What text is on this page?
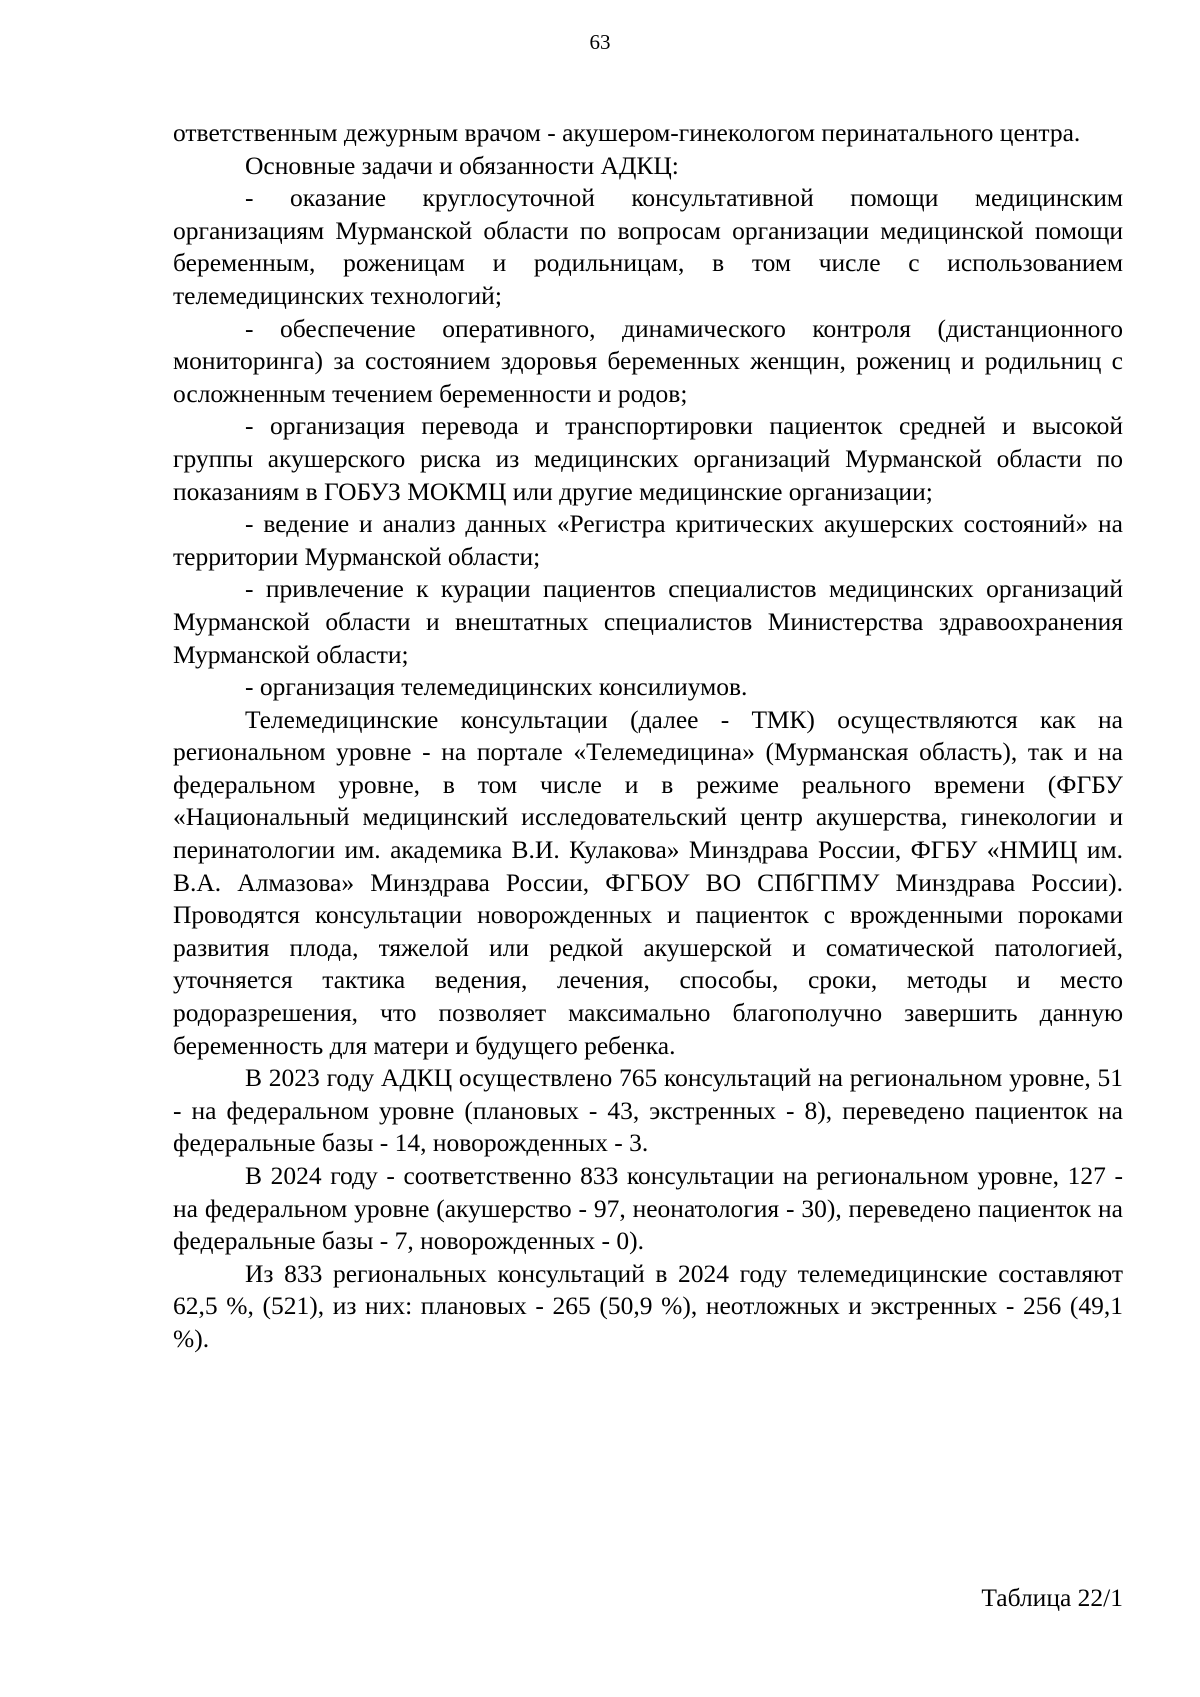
63

ответственным дежурным врачом - акушером-гинекологом перинатального центра.

Основные задачи и обязанности АДКЦ:

- оказание круглосуточной консультативной помощи медицинским организациям Мурманской области по вопросам организации медицинской помощи беременным, роженицам и родильницам, в том числе с использованием телемедицинских технологий;

- обеспечение оперативного, динамического контроля (дистанционного мониторинга) за состоянием здоровья беременных женщин, рожениц и родильниц с осложненным течением беременности и родов;

- организация перевода и транспортировки пациенток средней и высокой группы акушерского риска из медицинских организаций Мурманской области по показаниям в ГОБУЗ МОКМЦ или другие медицинские организации;

- ведение и анализ данных «Регистра критических акушерских состояний» на территории Мурманской области;

- привлечение к курации пациентов специалистов медицинских организаций Мурманской области и внештатных специалистов Министерства здравоохранения Мурманской области;

- организация телемедицинских консилиумов.

Телемедицинские консультации (далее - ТМК) осуществляются как на региональном уровне - на портале «Телемедицина» (Мурманская область), так и на федеральном уровне, в том числе и в режиме реального времени (ФГБУ «Национальный медицинский исследовательский центр акушерства, гинекологии и перинатологии им. академика В.И. Кулакова» Минздрава России, ФГБУ «НМИЦ им. В.А. Алмазова» Минздрава России, ФГБОУ ВО СПбГПМУ Минздрава России). Проводятся консультации новорожденных и пациенток с врожденными пороками развития плода, тяжелой или редкой акушерской и соматической патологией, уточняется тактика ведения, лечения, способы, сроки, методы и место родоразрешения, что позволяет максимально благополучно завершить данную беременность для матери и будущего ребенка.

В 2023 году АДКЦ осуществлено 765 консультаций на региональном уровне, 51 - на федеральном уровне (плановых - 43, экстренных - 8), переведено пациенток на федеральные базы - 14, новорожденных - 3.

В 2024 году - соответственно 833 консультации на региональном уровне, 127 - на федеральном уровне (акушерство - 97, неонатология - 30), переведено пациенток на федеральные базы - 7, новорожденных - 0).

Из 833 региональных консультаций в 2024 году телемедицинские составляют 62,5 %, (521), из них: плановых - 265 (50,9 %), неотложных и экстренных - 256 (49,1 %).

Таблица 22/1
